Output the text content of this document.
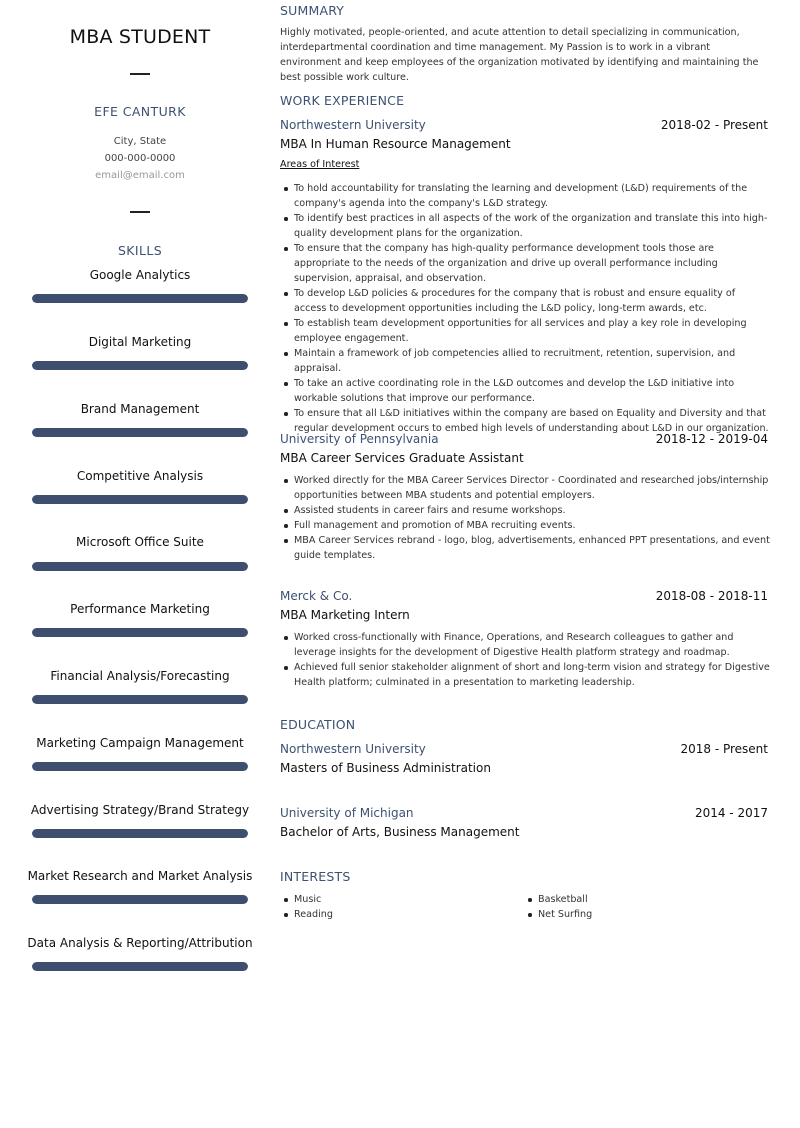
MBA STUDENT
EFE CANTURK
City, State
000-000-0000
email@email.com
SKILLS
Google Analytics
Digital Marketing
Brand Management
Competitive Analysis
Microsoft Office Suite
Performance Marketing
Financial Analysis/Forecasting
Marketing Campaign Management
Advertising Strategy/Brand Strategy
Market Research and Market Analysis
Data Analysis & Reporting/Attribution
SUMMARY
Highly motivated, people-oriented, and acute attention to detail specializing in communication, interdepartmental coordination and time management. My Passion is to work in a vibrant environment and keep employees of the organization motivated by identifying and maintaining the best possible work culture.
WORK EXPERIENCE
Northwestern University	2018-02 - Present
MBA In Human Resource Management
Areas of Interest
To hold accountability for translating the learning and development (L&D) requirements of the company's agenda into the company's L&D strategy.
To identify best practices in all aspects of the work of the organization and translate this into high-quality development plans for the organization.
To ensure that the company has high-quality performance development tools those are appropriate to the needs of the organization and drive up overall performance including supervision, appraisal, and observation.
To develop L&D policies & procedures for the company that is robust and ensure equality of access to development opportunities including the L&D policy, long-term awards, etc.
To establish team development opportunities for all services and play a key role in developing employee engagement.
Maintain a framework of job competencies allied to recruitment, retention, supervision, and appraisal.
To take an active coordinating role in the L&D outcomes and develop the L&D initiative into workable solutions that improve our performance.
To ensure that all L&D initiatives within the company are based on Equality and Diversity and that regular development occurs to embed high levels of understanding about L&D in our organization.
University of Pennsylvania	2018-12 - 2019-04
MBA Career Services Graduate Assistant
Worked directly for the MBA Career Services Director - Coordinated and researched jobs/internship opportunities between MBA students and potential employers.
Assisted students in career fairs and resume workshops.
Full management and promotion of MBA recruiting events.
MBA Career Services rebrand - logo, blog, advertisements, enhanced PPT presentations, and event guide templates.
Merck & Co.	2018-08 - 2018-11
MBA Marketing Intern
Worked cross-functionally with Finance, Operations, and Research colleagues to gather and leverage insights for the development of Digestive Health platform strategy and roadmap.
Achieved full senior stakeholder alignment of short and long-term vision and strategy for Digestive Health platform; culminated in a presentation to marketing leadership.
EDUCATION
Northwestern University	2018 - Present
Masters of Business Administration
University of Michigan	2014 - 2017
Bachelor of Arts, Business Management
INTERESTS
Music
Reading
Basketball
Net Surfing
